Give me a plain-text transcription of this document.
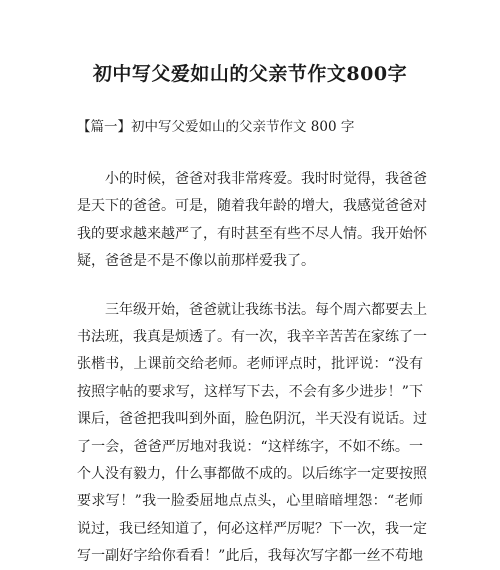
初中写父爱如山的父亲节作文800字

【篇一】初中写父爱如山的父亲节作文 800 字

　　小的时候，爸爸对我非常疼爱。我时时觉得，我爸爸
是天下的爸爸。可是，随着我年龄的增大，我感觉爸爸对
我的要求越来越严了，有时甚至有些不尽人情。我开始怀
疑，爸爸是不是不像以前那样爱我了。

　　三年级开始，爸爸就让我练书法。每个周六都要去上
书法班，我真是烦透了。有一次，我辛辛苦苦在家练了一
张楷书，上课前交给老师。老师评点时，批评说：“没有
按照字帖的要求写，这样写下去，不会有多少进步！”下
课后，爸爸把我叫到外面，脸色阴沉，半天没有说话。过
了一会，爸爸严厉地对我说：“这样练字，不如不练。一
个人没有毅力，什么事都做不成的。以后练字一定要按照
要求写！”我一脸委屈地点点头，心里暗暗埋怨：“老师
说过，我已经知道了，何必这样严厉呢？下一次，我一定
写一副好字给你看看！”此后，我每次写字都一丝不苟地
